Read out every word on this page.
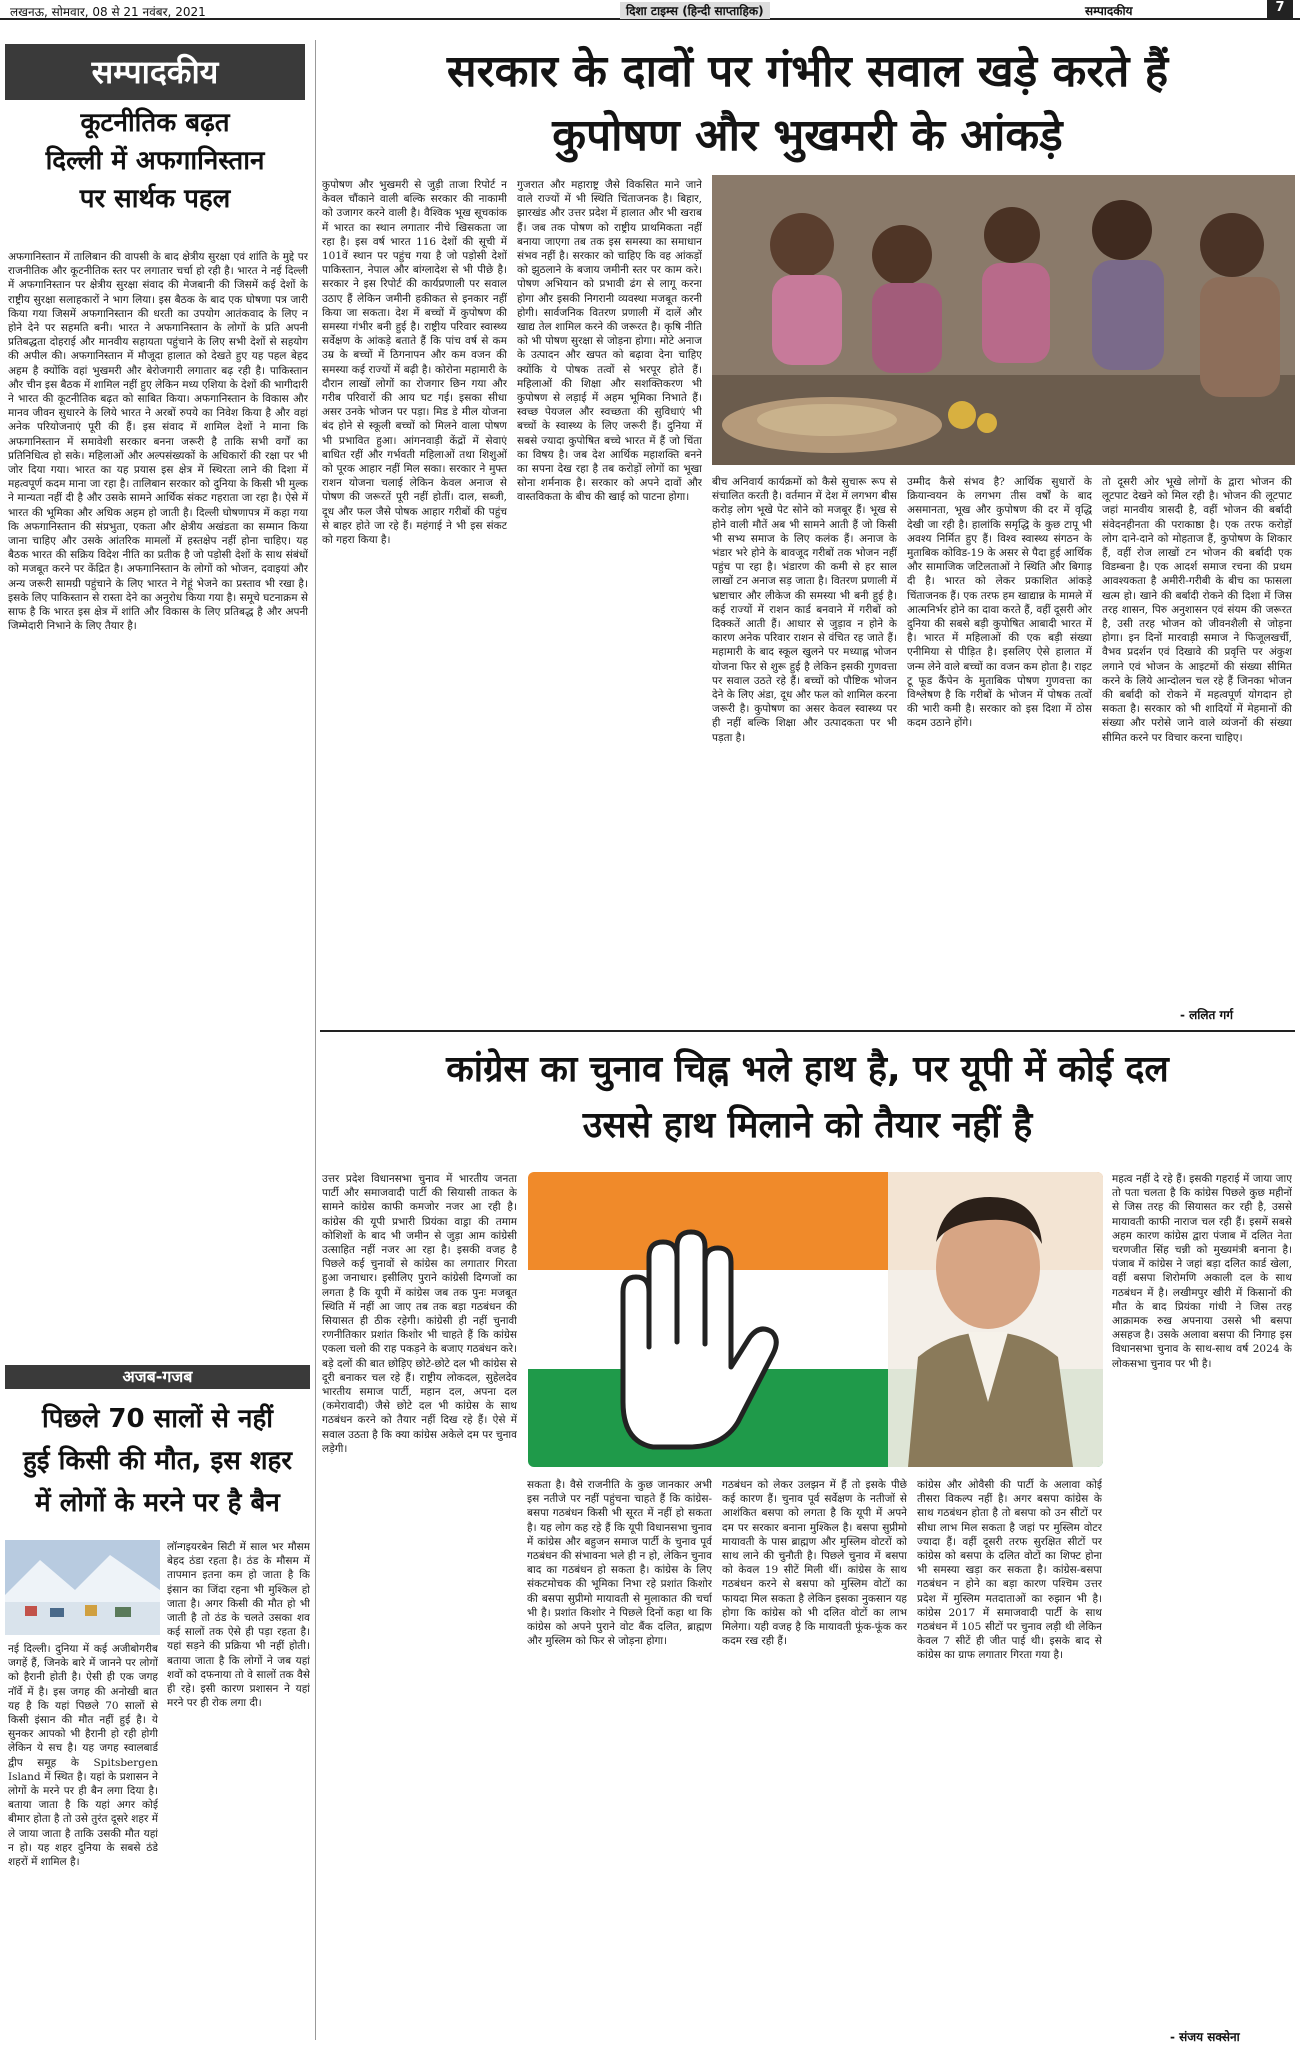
लखनऊ, सोमवार, 08 से 21 नवंबर, 2021	दिशा टाइम्स (हिन्दी साप्ताहिक)	सम्पादकीय	7
सम्पादकीय
कूटनीतिक बढ़त
दिल्ली में अफगानिस्तान
पर सार्थक पहल
अफगानिस्तान में तालिबान की वापसी के बाद क्षेत्रीय सुरक्षा एवं शांति के मुद्दे पर राजनीतिक और कूटनीतिक स्तर पर लगातार चर्चा हो रही है। भारत ने नई दिल्ली में अफगानिस्तान पर क्षेत्रीय सुरक्षा संवाद की मेजबानी की जिसमें कई देशों के राष्ट्रीय सुरक्षा सलाहकारों ने भाग लिया। इस बैठक के बाद एक घोषणा पत्र जारी किया गया जिसमें अफगानिस्तान की धरती का उपयोग आतंकवाद के लिए न होने देने पर सहमति बनी। भारत ने अफगानिस्तान के लोगों के प्रति अपनी प्रतिबद्धता दोहराई और मानवीय सहायता पहुंचाने के लिए सभी देशों से सहयोग की अपील की। अफगानिस्तान में मौजूदा हालात को देखते हुए यह पहल बेहद अहम है क्योंकि वहां भुखमरी और बेरोजगारी लगातार बढ़ रही है। पाकिस्तान और चीन इस बैठक में शामिल नहीं हुए लेकिन मध्य एशिया के देशों की भागीदारी ने भारत की कूटनीतिक बढ़त को साबित किया। अफगानिस्तान के विकास और मानव जीवन सुधारने के लिये भारत ने अरबों रुपये का निवेश किया है और वहां अनेक परियोजनाएं पूरी की हैं। इस संवाद में शामिल देशों ने माना कि अफगानिस्तान में समावेशी सरकार बनना जरूरी है ताकि सभी वर्गों का प्रतिनिधित्व हो सके। महिलाओं और अल्पसंख्यकों के अधिकारों की रक्षा पर भी जोर दिया गया। भारत का यह प्रयास इस क्षेत्र में स्थिरता लाने की दिशा में महत्वपूर्ण कदम माना जा रहा है। तालिबान सरकार को दुनिया के किसी भी मुल्क ने मान्यता नहीं दी है और उसके सामने आर्थिक संकट गहराता जा रहा है। ऐसे में भारत की भूमिका और अधिक अहम हो जाती है। दिल्ली घोषणापत्र में कहा गया कि अफगानिस्तान की संप्रभुता, एकता और क्षेत्रीय अखंडता का सम्मान किया जाना चाहिए और उसके आंतरिक मामलों में हस्तक्षेप नहीं होना चाहिए। यह बैठक भारत की सक्रिय विदेश नीति का प्रतीक है जो पड़ोसी देशों के साथ संबंधों को मजबूत करने पर केंद्रित है। अफगानिस्तान के लोगों को भोजन, दवाइयां और अन्य जरूरी सामग्री पहुंचाने के लिए भारत ने गेहूं भेजने का प्रस्ताव भी रखा है। इसके लिए पाकिस्तान से रास्ता देने का अनुरोध किया गया है। समूचे घटनाक्रम से साफ है कि भारत इस क्षेत्र में शांति और विकास के लिए प्रतिबद्ध है और अपनी जिम्मेदारी निभाने के लिए तैयार है।
सरकार के दावों पर गंभीर सवाल खड़े करते हैं
कुपोषण और भुखमरी के आंकड़े
कुपोषण और भुखमरी से जुड़ी ताजा रिपोर्ट न केवल चौंकाने वाली बल्कि सरकार की नाकामी को उजागर करने वाली है। वैश्विक भूख सूचकांक में भारत का स्थान लगातार नीचे खिसकता जा रहा है। इस वर्ष भारत 116 देशों की सूची में 101वें स्थान पर पहुंच गया है जो पड़ोसी देशों पाकिस्तान, नेपाल और बांग्लादेश से भी पीछे है। सरकार ने इस रिपोर्ट की कार्यप्रणाली पर सवाल उठाए हैं लेकिन जमीनी हकीकत से इनकार नहीं किया जा सकता। देश में बच्चों में कुपोषण की समस्या गंभीर बनी हुई है। राष्ट्रीय परिवार स्वास्थ्य सर्वेक्षण के आंकड़े बताते हैं कि पांच वर्ष से कम उम्र के बच्चों में ठिगनापन और कम वजन की समस्या कई राज्यों में बढ़ी है। कोरोना महामारी के दौरान लाखों लोगों का रोजगार छिन गया और गरीब परिवारों की आय घट गई। इसका सीधा असर उनके भोजन पर पड़ा। मिड डे मील योजना बंद होने से स्कूली बच्चों को मिलने वाला पोषण भी प्रभावित हुआ। आंगनवाड़ी केंद्रों में सेवाएं बाधित रहीं और गर्भवती महिलाओं तथा शिशुओं को पूरक आहार नहीं मिल सका। सरकार ने मुफ्त राशन योजना चलाई लेकिन केवल अनाज से पोषण की जरूरतें पूरी नहीं होतीं। दाल, सब्जी, दूध और फल जैसे पोषक आहार गरीबों की पहुंच से बाहर होते जा रहे हैं। महंगाई ने भी इस संकट को गहरा किया है।
गुजरात और महाराष्ट्र जैसे विकसित माने जाने वाले राज्यों में भी स्थिति चिंताजनक है। बिहार, झारखंड और उत्तर प्रदेश में हालात और भी खराब हैं। जब तक पोषण को राष्ट्रीय प्राथमिकता नहीं बनाया जाएगा तब तक इस समस्या का समाधान संभव नहीं है। सरकार को चाहिए कि वह आंकड़ों को झुठलाने के बजाय जमीनी स्तर पर काम करे। पोषण अभियान को प्रभावी ढंग से लागू करना होगा और इसकी निगरानी व्यवस्था मजबूत करनी होगी। सार्वजनिक वितरण प्रणाली में दालें और खाद्य तेल शामिल करने की जरूरत है। कृषि नीति को भी पोषण सुरक्षा से जोड़ना होगा। मोटे अनाज के उत्पादन और खपत को बढ़ावा देना चाहिए क्योंकि ये पोषक तत्वों से भरपूर होते हैं। महिलाओं की शिक्षा और सशक्तिकरण भी कुपोषण से लड़ाई में अहम भूमिका निभाते हैं। स्वच्छ पेयजल और स्वच्छता की सुविधाएं भी बच्चों के स्वास्थ्य के लिए जरूरी हैं। दुनिया में सबसे ज्यादा कुपोषित बच्चे भारत में हैं जो चिंता का विषय है। जब देश आर्थिक महाशक्ति बनने का सपना देख रहा है तब करोड़ों लोगों का भूखा सोना शर्मनाक है। सरकार को अपने दावों और वास्तविकता के बीच की खाई को पाटना होगा।
बीच अनिवार्य कार्यक्रमों को कैसे सुचारू रूप से संचालित करती है। वर्तमान में देश में लगभग बीस करोड़ लोग भूखे पेट सोने को मजबूर हैं। भूख से होने वाली मौतें अब भी सामने आती हैं जो किसी भी सभ्य समाज के लिए कलंक हैं। अनाज के भंडार भरे होने के बावजूद गरीबों तक भोजन नहीं पहुंच पा रहा है। भंडारण की कमी से हर साल लाखों टन अनाज सड़ जाता है। वितरण प्रणाली में भ्रष्टाचार और लीकेज की समस्या भी बनी हुई है। कई राज्यों में राशन कार्ड बनवाने में गरीबों को दिक्कतें आती हैं। आधार से जुड़ाव न होने के कारण अनेक परिवार राशन से वंचित रह जाते हैं। महामारी के बाद स्कूल खुलने पर मध्याह्न भोजन योजना फिर से शुरू हुई है लेकिन इसकी गुणवत्ता पर सवाल उठते रहे हैं। बच्चों को पौष्टिक भोजन देने के लिए अंडा, दूध और फल को शामिल करना जरूरी है। कुपोषण का असर केवल स्वास्थ्य पर ही नहीं बल्कि शिक्षा और उत्पादकता पर भी पड़ता है।
उम्मीद कैसे संभव है? आर्थिक सुधारों के क्रियान्वयन के लगभग तीस वर्षों के बाद असमानता, भूख और कुपोषण की दर में वृद्धि देखी जा रही है। हालांकि समृद्धि के कुछ टापू भी अवश्य निर्मित हुए हैं। विश्व स्वास्थ्य संगठन के मुताबिक कोविड-19 के असर से पैदा हुई आर्थिक और सामाजिक जटिलताओं ने स्थिति और बिगाड़ दी है। भारत को लेकर प्रकाशित आंकड़े चिंताजनक हैं। एक तरफ हम खाद्यान्न के मामले में आत्मनिर्भर होने का दावा करते हैं, वहीं दूसरी ओर दुनिया की सबसे बड़ी कुपोषित आबादी भारत में है। भारत में महिलाओं की एक बड़ी संख्या एनीमिया से पीड़ित है। इसलिए ऐसे हालात में जन्म लेने वाले बच्चों का वजन कम होता है। राइट टू फूड कैंपेन के मुताबिक पोषण गुणवत्ता का विश्लेषण है कि गरीबों के भोजन में पोषक तत्वों की भारी कमी है। सरकार को इस दिशा में ठोस कदम उठाने होंगे।
तो दूसरी ओर भूखे लोगों के द्वारा भोजन की लूटपाट देखने को मिल रही है। भोजन की लूटपाट जहां मानवीय त्रासदी है, वहीं भोजन की बर्बादी संवेदनहीनता की पराकाष्ठा है। एक तरफ करोड़ों लोग दाने-दाने को मोहताज हैं, कुपोषण के शिकार हैं, वहीं रोज लाखों टन भोजन की बर्बादी एक विडम्बना है। एक आदर्श समाज रचना की प्रथम आवश्यकता है अमीरी-गरीबी के बीच का फासला खत्म हो। खाने की बर्बादी रोकने की दिशा में जिस तरह शासन, पिरु अनुशासन एवं संयम की जरूरत है, उसी तरह भोजन को जीवनशैली से जोड़ना होगा। इन दिनों मारवाड़ी समाज ने फिजूलखर्ची, वैभव प्रदर्शन एवं दिखावे की प्रवृत्ति पर अंकुश लगाने एवं भोजन के आइटमों की संख्या सीमित करने के लिये आन्दोलन चल रहे हैं जिनका भोजन की बर्बादी को रोकने में महत्वपूर्ण योगदान हो सकता है। सरकार को भी शादियों में मेहमानों की संख्या और परोसे जाने वाले व्यंजनों की संख्या सीमित करने पर विचार करना चाहिए।
- ललित गर्ग
अजब-गजब
पिछले 70 सालों से नहीं
हुई किसी की मौत, इस शहर
में लोगों के मरने पर है बैन
लॉन्गइयरबेन सिटी में साल भर मौसम बेहद ठंडा रहता है। ठंड के मौसम में तापमान इतना कम हो जाता है कि इंसान का जिंदा रहना भी मुश्किल हो जाता है। अगर किसी की मौत हो भी जाती है तो ठंड के चलते उसका शव कई सालों तक ऐसे ही पड़ा रहता है। यहां सड़ने की प्रक्रिया भी नहीं होती। बताया जाता है कि लोगों ने जब यहां शवों को दफनाया तो वे सालों तक वैसे ही रहे। इसी कारण प्रशासन ने यहां मरने पर ही रोक लगा दी।
नई दिल्ली। दुनिया में कई अजीबोगरीब जगहें हैं, जिनके बारे में जानने पर लोगों को हैरानी होती है। ऐसी ही एक जगह नॉर्वे में है। इस जगह की अनोखी बात यह है कि यहां पिछले 70 सालों से किसी इंसान की मौत नहीं हुई है। ये सुनकर आपको भी हैरानी हो रही होगी लेकिन ये सच है। यह जगह स्वालबार्ड द्वीप समूह के Spitsbergen Island में स्थित है। यहां के प्रशासन ने लोगों के मरने पर ही बैन लगा दिया है। बताया जाता है कि यहां अगर कोई बीमार होता है तो उसे तुरंत दूसरे शहर में ले जाया जाता है ताकि उसकी मौत यहां न हो। यह शहर दुनिया के सबसे ठंडे शहरों में शामिल है।
कांग्रेस का चुनाव चिह्न भले हाथ है, पर यूपी में कोई दल
उससे हाथ मिलाने को तैयार नहीं है
उत्तर प्रदेश विधानसभा चुनाव में भारतीय जनता पार्टी और समाजवादी पार्टी की सियासी ताकत के सामने कांग्रेस काफी कमजोर नजर आ रही है। कांग्रेस की यूपी प्रभारी प्रियंका वाड्रा की तमाम कोशिशों के बाद भी जमीन से जुड़ा आम कांग्रेसी उत्साहित नहीं नजर आ रहा है। इसकी वजह है पिछले कई चुनावों से कांग्रेस का लगातार गिरता हुआ जनाधार। इसीलिए पुराने कांग्रेसी दिग्गजों का लगता है कि यूपी में कांग्रेस जब तक पुनः मजबूत स्थिति में नहीं आ जाए तब तक बड़ा गठबंधन की सियासत ही ठीक रहेगी। कांग्रेसी ही नहीं चुनावी रणनीतिकार प्रशांत किशोर भी चाहते हैं कि कांग्रेस एकला चलो की राह पकड़ने के बजाए गठबंधन करे। बड़े दलों की बात छोड़िए छोटे-छोटे दल भी कांग्रेस से दूरी बनाकर चल रहे हैं। राष्ट्रीय लोकदल, सुहेलदेव भारतीय समाज पार्टी, महान दल, अपना दल (कमेरावादी) जैसे छोटे दल भी कांग्रेस के साथ गठबंधन करने को तैयार नहीं दिख रहे हैं। ऐसे में सवाल उठता है कि क्या कांग्रेस अकेले दम पर चुनाव लड़ेगी।
सकता है। वैसे राजनीति के कुछ जानकार अभी इस नतीजे पर नहीं पहुंचना चाहते हैं कि कांग्रेस-बसपा गठबंधन किसी भी सूरत में नहीं हो सकता है। यह लोग कह रहे हैं कि यूपी विधानसभा चुनाव में कांग्रेस और बहुजन समाज पार्टी के चुनाव पूर्व गठबंधन की संभावना भले ही न हो, लेकिन चुनाव बाद का गठबंधन हो सकता है। कांग्रेस के लिए संकटमोचक की भूमिका निभा रहे प्रशांत किशोर की बसपा सुप्रीमो मायावती से मुलाकात की चर्चा भी है। प्रशांत किशोर ने पिछले दिनों कहा था कि कांग्रेस को अपने पुराने वोट बैंक दलित, ब्राह्मण और मुस्लिम को फिर से जोड़ना होगा।
गठबंधन को लेकर उलझन में हैं तो इसके पीछे कई कारण हैं। चुनाव पूर्व सर्वेक्षण के नतीजों से आशंकित बसपा को लगता है कि यूपी में अपने दम पर सरकार बनाना मुश्किल है। बसपा सुप्रीमो मायावती के पास ब्राह्मण और मुस्लिम वोटरों को साथ लाने की चुनौती है। पिछले चुनाव में बसपा को केवल 19 सीटें मिली थीं। कांग्रेस के साथ गठबंधन करने से बसपा को मुस्लिम वोटों का फायदा मिल सकता है लेकिन इसका नुकसान यह होगा कि कांग्रेस को भी दलित वोटों का लाभ मिलेगा। यही वजह है कि मायावती फूंक-फूंक कर कदम रख रही हैं।
कांग्रेस और ओवैसी की पार्टी के अलावा कोई तीसरा विकल्प नहीं है। अगर बसपा कांग्रेस के साथ गठबंधन होता है तो बसपा को उन सीटों पर सीधा लाभ मिल सकता है जहां पर मुस्लिम वोटर ज्यादा हैं। वहीं दूसरी तरफ सुरक्षित सीटों पर कांग्रेस को बसपा के दलित वोटों का शिफ्ट होना भी समस्या खड़ा कर सकता है। कांग्रेस-बसपा गठबंधन न होने का बड़ा कारण पश्चिम उत्तर प्रदेश में मुस्लिम मतदाताओं का रुझान भी है। कांग्रेस 2017 में समाजवादी पार्टी के साथ गठबंधन में 105 सीटों पर चुनाव लड़ी थी लेकिन केवल 7 सीटें ही जीत पाई थी। इसके बाद से कांग्रेस का ग्राफ लगातार गिरता गया है।
महत्व नहीं दे रहे हैं। इसकी गहराई में जाया जाए तो पता चलता है कि कांग्रेस पिछले कुछ महीनों से जिस तरह की सियासत कर रही है, उससे मायावती काफी नाराज चल रही हैं। इसमें सबसे अहम कारण कांग्रेस द्वारा पंजाब में दलित नेता चरणजीत सिंह चन्नी को मुख्यमंत्री बनाना है। पंजाब में कांग्रेस ने जहां बड़ा दलित कार्ड खेला, वहीं बसपा शिरोमणि अकाली दल के साथ गठबंधन में है। लखीमपुर खीरी में किसानों की मौत के बाद प्रियंका गांधी ने जिस तरह आक्रामक रुख अपनाया उससे भी बसपा असहज है। उसके अलावा बसपा की निगाह इस विधानसभा चुनाव के साथ-साथ वर्ष 2024 के लोकसभा चुनाव पर भी है।
- संजय सक्सेना
